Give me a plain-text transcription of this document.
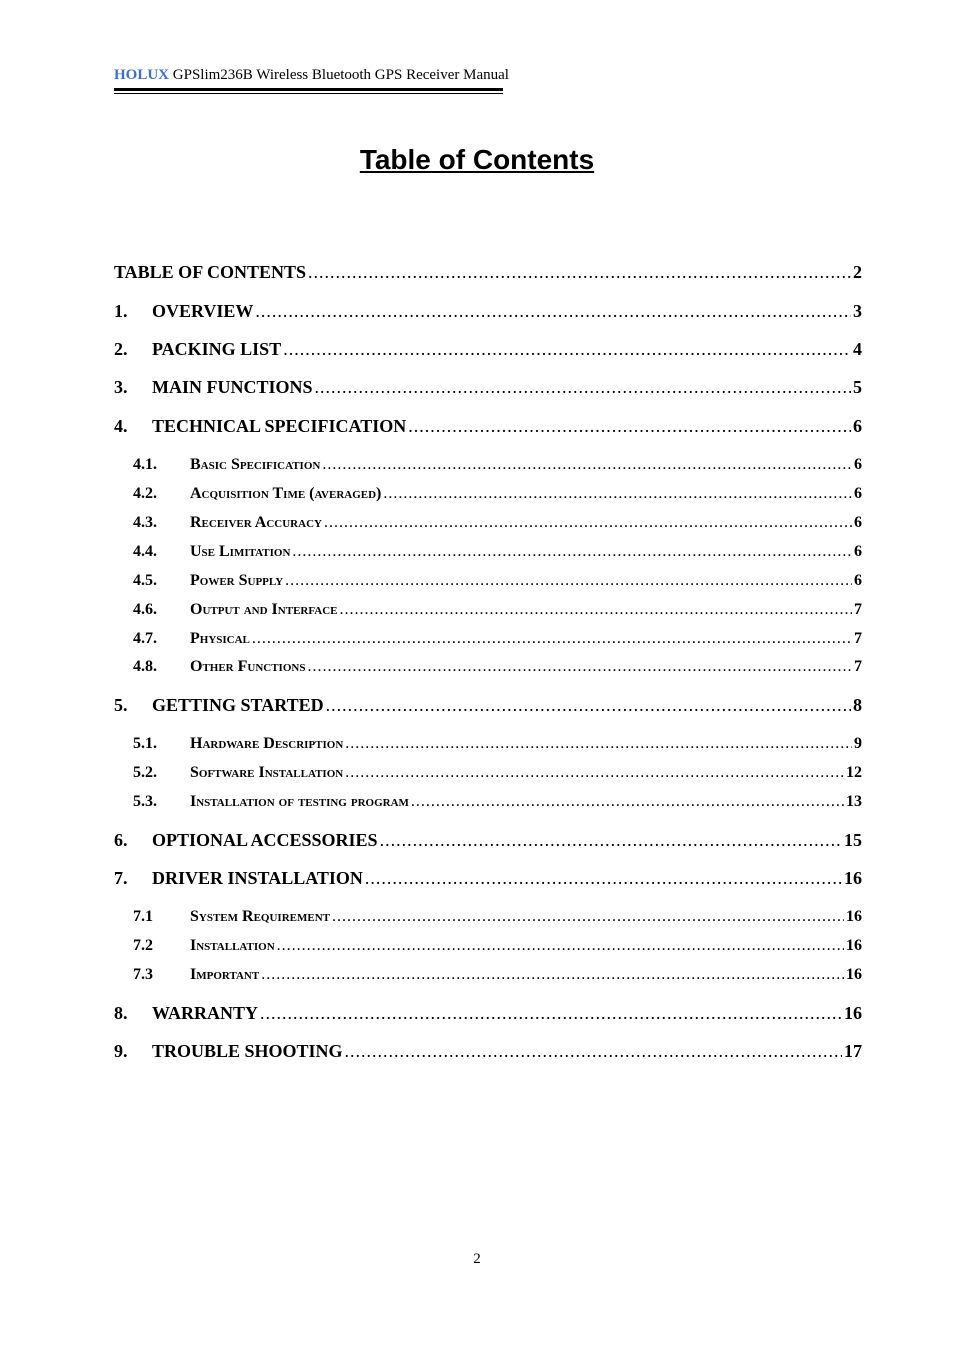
HOLUX GPSlim236B Wireless Bluetooth GPS Receiver Manual
Table of Contents
TABLE OF CONTENTS .....	2
1.	OVERVIEW .....	3
2.	PACKING LIST .....	4
3.	MAIN FUNCTIONS .....	5
4.	TECHNICAL SPECIFICATION .....	6
4.1.	Basic Specification .....	6
4.2.	Acquisition Time (averaged) .....	6
4.3.	Receiver Accuracy .....	6
4.4.	Use Limitation .....	6
4.5.	Power Supply .....	6
4.6.	Output and Interface .....	7
4.7.	Physical .....	7
4.8.	Other Functions .....	7
5.	GETTING STARTED .....	8
5.1.	Hardware Description .....	9
5.2.	Software Installation .....	12
5.3.	Installation of testing program .....	13
6.	OPTIONAL ACCESSORIES .....	15
7.	DRIVER INSTALLATION .....	16
7.1	System Requirement .....	16
7.2	Installation .....	16
7.3	Important .....	16
8.	WARRANTY .....	16
9.	TROUBLE SHOOTING .....	17
2
